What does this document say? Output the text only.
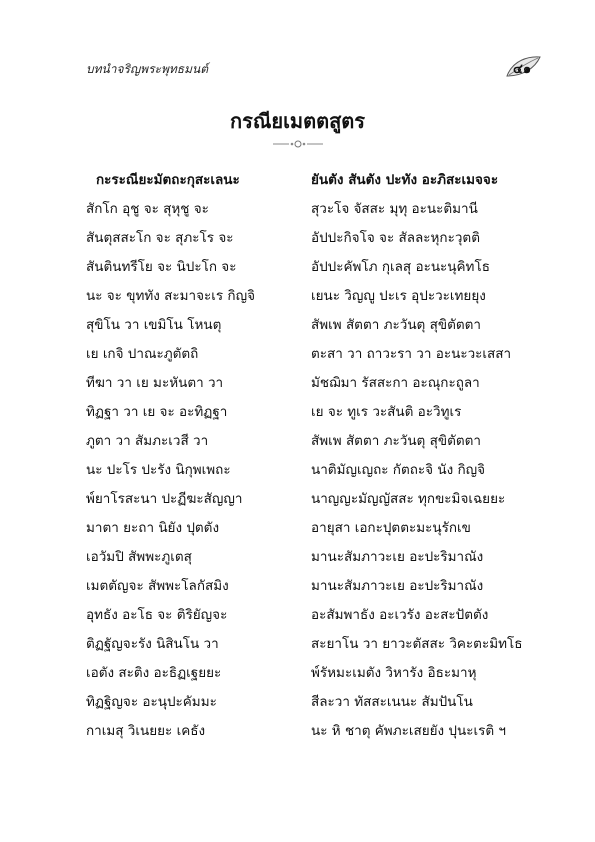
บทนำจริญพระพุทธมนต์	๔๑
กรณียเมตตสูตร
กะระณียะมัตถะกุสะเลนะ
สักโก อุชู จะ สุหุชู จะ
สันตุสสะโก จะ สุภะโร จะ
สันตินทรีโย จะ นิปะโก จะ
นะ จะ ขุททัง สะมาจะเร กิญจิ
สุขิโน วา เขมิโน โหนตุ
เย เกจิ ปาณะภูตัตถิ
ทีฆา วา เย มะหันตา วา
ทิฏฐา วา เย จะ อะทิฏฐา
ภูตา วา สัมภะเวสี วา
นะ ปะโร ปะรัง นิกุพเพถะ
พ์ยาโรสะนา ปะฏีฆะสัญญา
มาตา ยะถา นิยัง ปุตตัง
เอวัมปิ สัพพะภูเตสุ
เมตตัญจะ สัพพะโลกัสมิง
อุทธัง อะโธ จะ ติริยัญจะ
ติฏฐัญจะรัง นิสินโน วา
เอตัง สะติง อะธิฏเฐยยะ
ทิฏฐิญจะ อะนุปะคัมมะ
กาเมสุ วิเนยยะ เคธัง
ยันตัง สันตัง ปะทัง อะภิสะเมจจะ
สุวะโจ จัสสะ มุทุ อะนะติมานี
อัปปะกิจโจ จะ สัลละหุกะวุตติ
อัปปะคัพโภ กุเลสุ อะนะนุคิทโธ
เยนะ วิญญู ปะเร อุปะวะเทยยุง
สัพเพ สัตตา ภะวันตุ สุขิตัตตา
ตะสา วา ถาวะรา วา อะนะวะเสสา
มัชฌิมา รัสสะกา อะณุกะถูลา
เย จะ ทูเร วะสันติ อะวิทูเร
สัพเพ สัตตา ภะวันตุ สุขิตัตตา
นาติมัญเญถะ กัตถะจิ นัง กิญจิ
นาญญะมัญญัสสะ ทุกขะมิจเฉยยะ
อายุสา เอกะปุตตะมะนุรักเข
มานะสัมภาวะเย อะปะริมาณัง
มานะสัมภาวะเย อะปะริมาณัง
อะสัมพาธัง อะเวรัง อะสะปัตตัง
สะยาโน วา ยาวะตัสสะ วิคะตะมิทโธ
พ์รัหมะเมตัง วิหารัง อิธะมาหุ
สีละวา ทัสสะเนนะ สัมปันโน
นะ หิ ชาตุ คัพภะเสยยัง ปุนะเรติ ฯ
